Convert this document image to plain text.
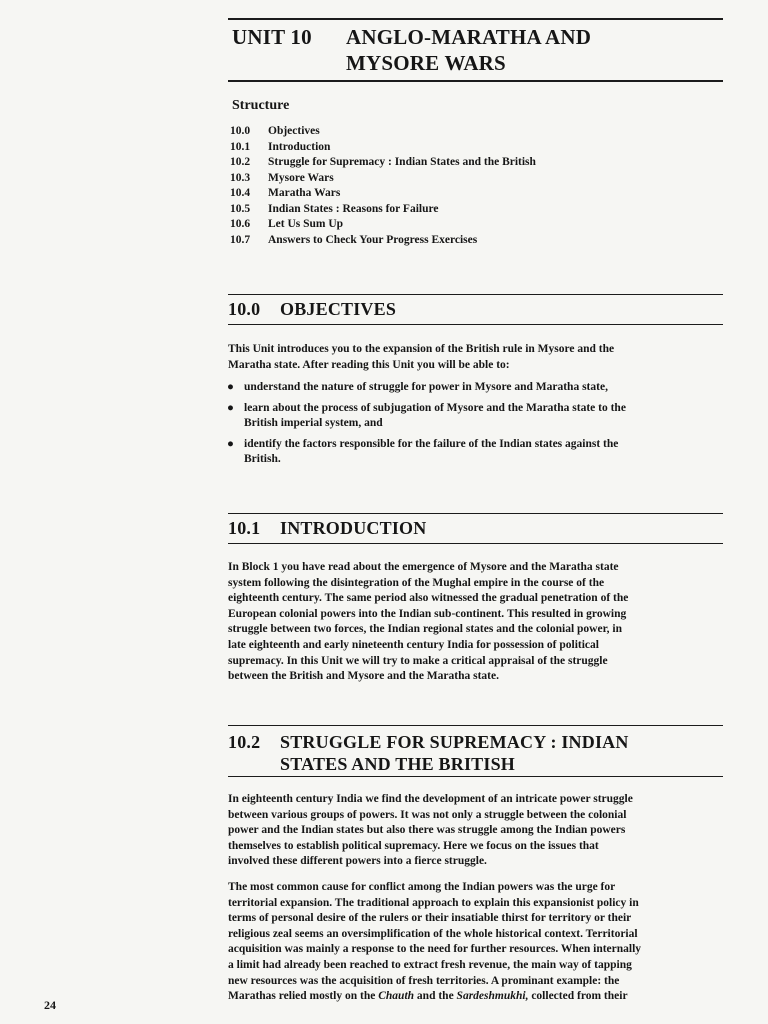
UNIT 10 ANGLO-MARATHA AND
MYSORE WARS
Structure
10.0	Objectives
10.1	Introduction
10.2	Struggle for Supremacy : Indian States and the British
10.3	Mysore Wars
10.4	Maratha Wars
10.5	Indian States : Reasons for Failure
10.6	Let Us Sum Up
10.7	Answers to Check Your Progress Exercises
10.0 OBJECTIVES

This Unit introduces you to the expansion of the British rule in Mysore and the
Maratha state. After reading this Unit you will be able to:

● understand the nature of struggle for power in Mysore and Maratha state,
● learn about the process of subjugation of Mysore and the Maratha state to the
British imperial system, and
● identify the factors responsible for the failure of the Indian states against the
British.
10.1 INTRODUCTION

In Block 1 you have read about the emergence of Mysore and the Maratha state
system following the disintegration of the Mughal empire in the course of the
eighteenth century. The same period also witnessed the gradual penetration of the
European colonial powers into the Indian sub-continent. This resulted in growing
struggle between two forces, the Indian regional states and the colonial power, in
late eighteenth and early nineteenth century India for possession of political
supremacy. In this Unit we will try to make a critical appraisal of the struggle
between the British and Mysore and the Maratha state.

10.2 STRUGGLE FOR SUPREMACY : INDIAN
STATES AND THE BRITISH

In eighteenth century India we find the development of an intricate power struggle
between various groups of powers. It was not only a struggle between the colonial
power and the Indian states but also there was struggle among the Indian powers
themselves to establish political supremacy. Here we focus on the issues that
involved these different powers into a fierce struggle.

The most common cause for conflict among the Indian powers was the urge for
territorial expansion. The traditional approach to explain this expansionist policy in
terms of personal desire of the rulers or their insatiable thirst for territory or their
religious zeal seems an oversimplification of the whole historical context. Territorial
acquisition was mainly a response to the need for further resources. When internally
a limit had already been reached to extract fresh revenue, the main way of tapping
new resources was the acquisition of fresh territories. A prominant example: the
Marathas relied mostly on the Chauth and the Sardeshmukhi, collected from their

24
